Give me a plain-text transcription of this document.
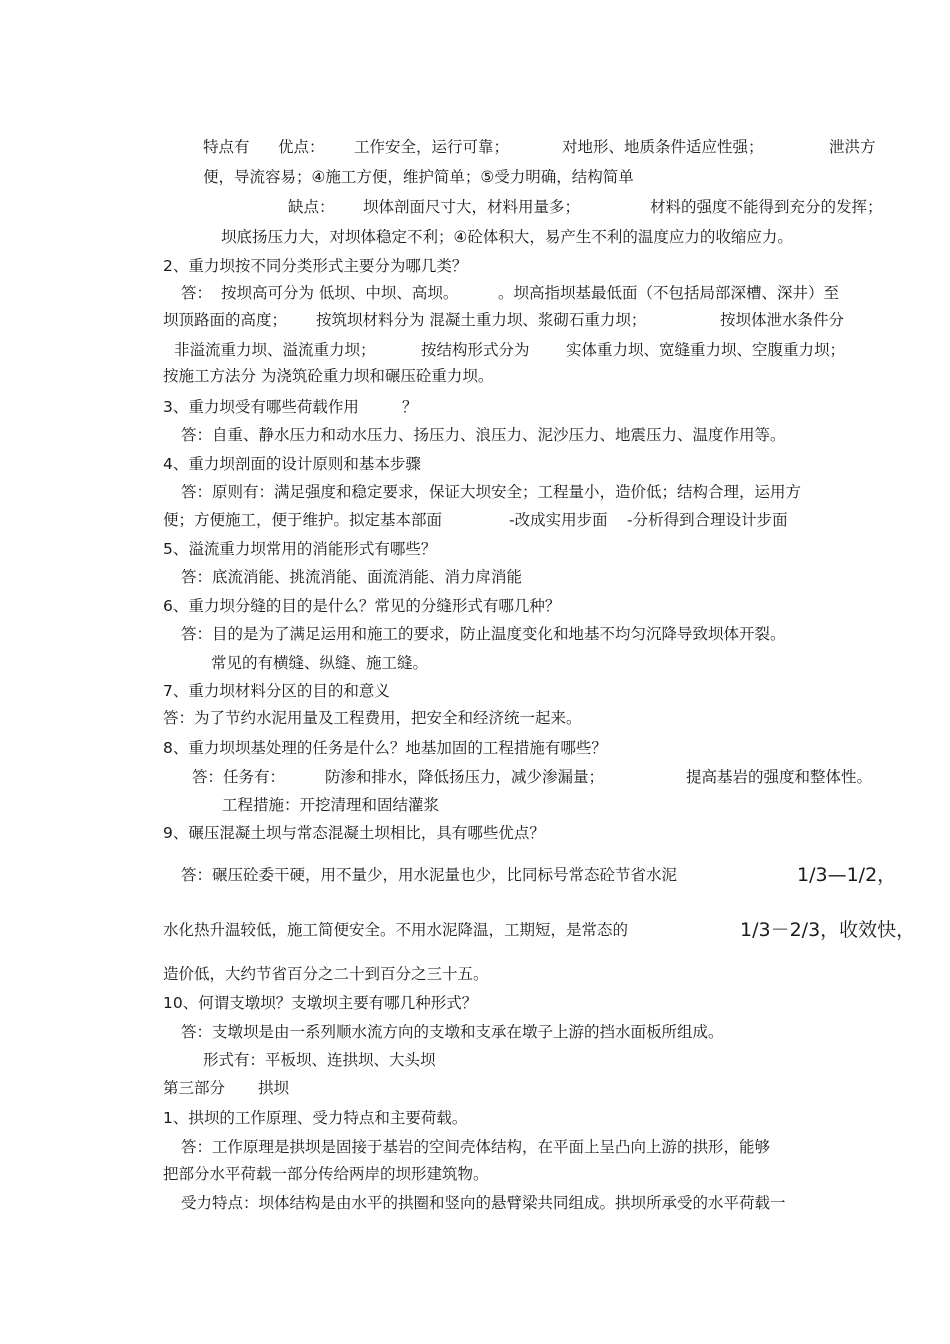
特点有 优点： 工作安全，运行可靠；	对地形、地质条件适应性强；	泄洪方
便，导流容易；④施工方便，维护简单；⑤受力明确，结构简单
缺点： 坝体剖面尺寸大，材料用量多；	材料的强度不能得到充分的发挥；
坝底扬压力大，对坝体稳定不利；④砼体积大，易产生不利的温度应力的收缩应力。
2、重力坝按不同分类形式主要分为哪几类？
答： 按坝高可分为 低坝、中坝、高坝。	。坝高指坝基最低面（不包括局部深槽、深井）至
坝顶路面的高度； 按筑坝材料分为 混凝土重力坝、浆砌石重力坝；	按坝体泄水条件分
非溢流重力坝、溢流重力坝；	按结构形式分为 实体重力坝、宽缝重力坝、空腹重力坝；
按施工方法分 为浇筑砼重力坝和碾压砼重力坝。
3、重力坝受有哪些荷载作用	？
答：自重、静水压力和动水压力、扬压力、浪压力、泥沙压力、地震压力、温度作用等。
4、重力坝剖面的设计原则和基本步骤
答：原则有：满足强度和稳定要求，保证大坝安全；工程量小，造价低；结构合理，运用方
便；方便施工，便于维护。拟定基本部面	-改成实用步面 -分析得到合理设计步面
5、溢流重力坝常用的消能形式有哪些？
答：底流消能、挑流消能、面流消能、消力戽消能
6、重力坝分缝的目的是什么？常见的分缝形式有哪几种？
答：目的是为了满足运用和施工的要求，防止温度变化和地基不均匀沉降导致坝体开裂。
常见的有横缝、纵缝、施工缝。
7、重力坝材料分区的目的和意义
答：为了节约水泥用量及工程费用，把安全和经济统一起来。
8、重力坝坝基处理的任务是什么？地基加固的工程措施有哪些？
答：任务有：	防渗和排水，降低扬压力，减少渗漏量；	提高基岩的强度和整体性。
工程措施：开挖清理和固结灌浆
9、碾压混凝土坝与常态混凝土坝相比，具有哪些优点？
答：碾压砼委干硬，用不量少，用水泥量也少，比同标号常态砼节省水泥	1/3—1/2，
水化热升温较低，施工简便安全。不用水泥降温，工期短，是常态的	1/3－2/3，收效快，
造价低，大约节省百分之二十到百分之三十五。
10、何谓支墩坝？支墩坝主要有哪几种形式？
答：支墩坝是由一系列顺水流方向的支墩和支承在墩子上游的挡水面板所组成。
形式有：平板坝、连拱坝、大头坝
第三部分 拱坝
1、拱坝的工作原理、受力特点和主要荷载。
答：工作原理是拱坝是固接于基岩的空间壳体结构，在平面上呈凸向上游的拱形，能够
把部分水平荷载一部分传给两岸的坝形建筑物。
受力特点：坝体结构是由水平的拱圈和竖向的悬臂梁共同组成。拱坝所承受的水平荷载一
